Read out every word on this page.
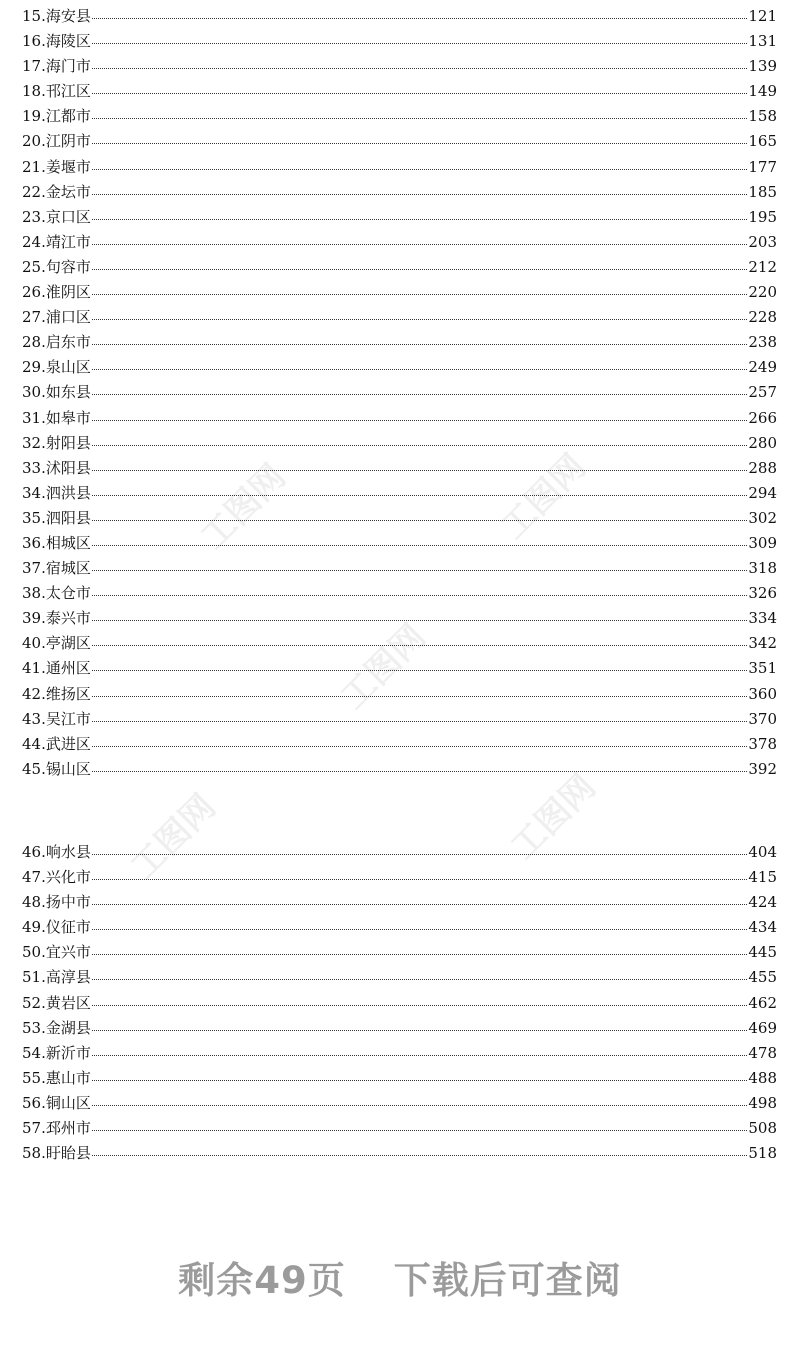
工图网	工图网
工图网
工图网	工图网
15.海安县	121
16.海陵区	131
17.海门市	139
18.邗江区	149
19.江都市	158
20.江阴市	165
21.姜堰市	177
22.金坛市	185
23.京口区	195
24.靖江市	203
25.句容市	212
26.淮阴区	220
27.浦口区	228
28.启东市	238
29.泉山区	249
30.如东县	257
31.如皋市	266
32.射阳县	280
33.沭阳县	288
34.泗洪县	294
35.泗阳县	302
36.相城区	309
37.宿城区	318
38.太仓市	326
39.泰兴市	334
40.亭湖区	342
41.通州区	351
42.维扬区	360
43.吴江市	370
44.武进区	378
45.锡山区	392
46.响水县	404
47.兴化市	415
48.扬中市	424
49.仪征市	434
50.宜兴市	445
51.高淳县	455
52.黄岩区	462
53.金湖县	469
54.新沂市	478
55.惠山市	488
56.铜山区	498
57.邳州市	508
58.盱眙县	518
剩余49页 下载后可查阅
